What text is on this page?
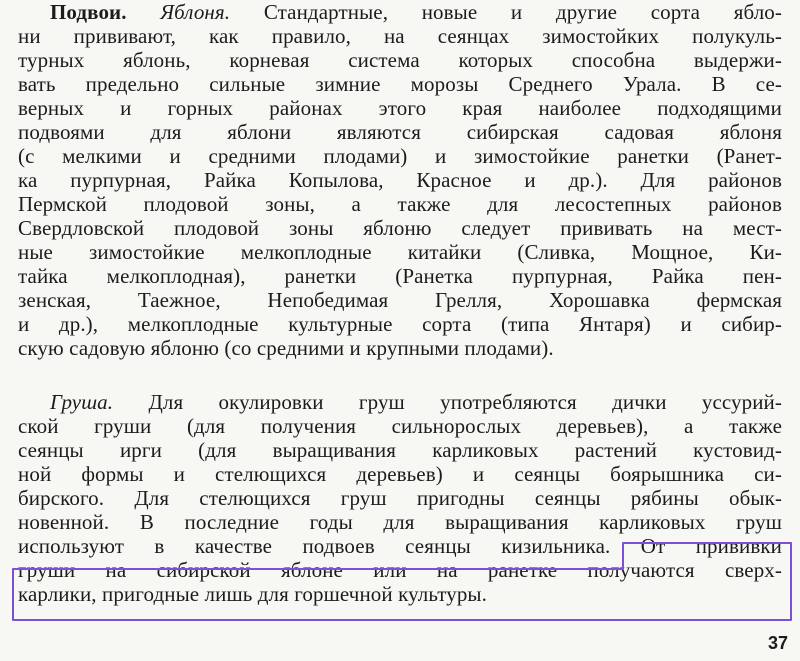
Подвои. Яблоня. Стандартные, новые и другие сорта ябло-
ни прививают, как правило, на сеянцах зимостойких полукуль-
турных яблонь, корневая система которых способна выдержи-
вать предельно сильные зимние морозы Среднего Урала. В се-
верных и горных районах этого края наиболее подходящими
подвоями для яблони являются сибирская садовая яблоня
(с мелкими и средними плодами) и зимостойкие ранетки (Ранет-
ка пурпурная, Райка Копылова, Красное и др.). Для районов
Пермской плодовой зоны, а также для лесостепных районов
Свердловской плодовой зоны яблоню следует прививать на мест-
ные зимостойкие мелкоплодные китайки (Сливка, Мощное, Ки-
тайка мелкоплодная), ранетки (Ранетка пурпурная, Райка пен-
зенская, Таежное, Непобедимая Грелля, Хорошавка фермская
и др.), мелкоплодные культурные сорта (типа Янтаря) и сибир-
скую садовую яблоню (со средними и крупными плодами).
Груша. Для окулировки груш употребляются дички уссурий-
ской груши (для получения сильнорослых деревьев), а также
сеянцы ирги (для выращивания карликовых растений кустовид-
ной формы и стелющихся деревьев) и сеянцы боярышника си-
бирского. Для стелющихся груш пригодны сеянцы рябины обык-
новенной. В последние годы для выращивания карликовых груш
используют в качестве подвоев сеянцы кизильника. От прививки
груши на сибирской яблоне или на ранетке получаются сверх-
карлики, пригодные лишь для горшечной культуры.
37
